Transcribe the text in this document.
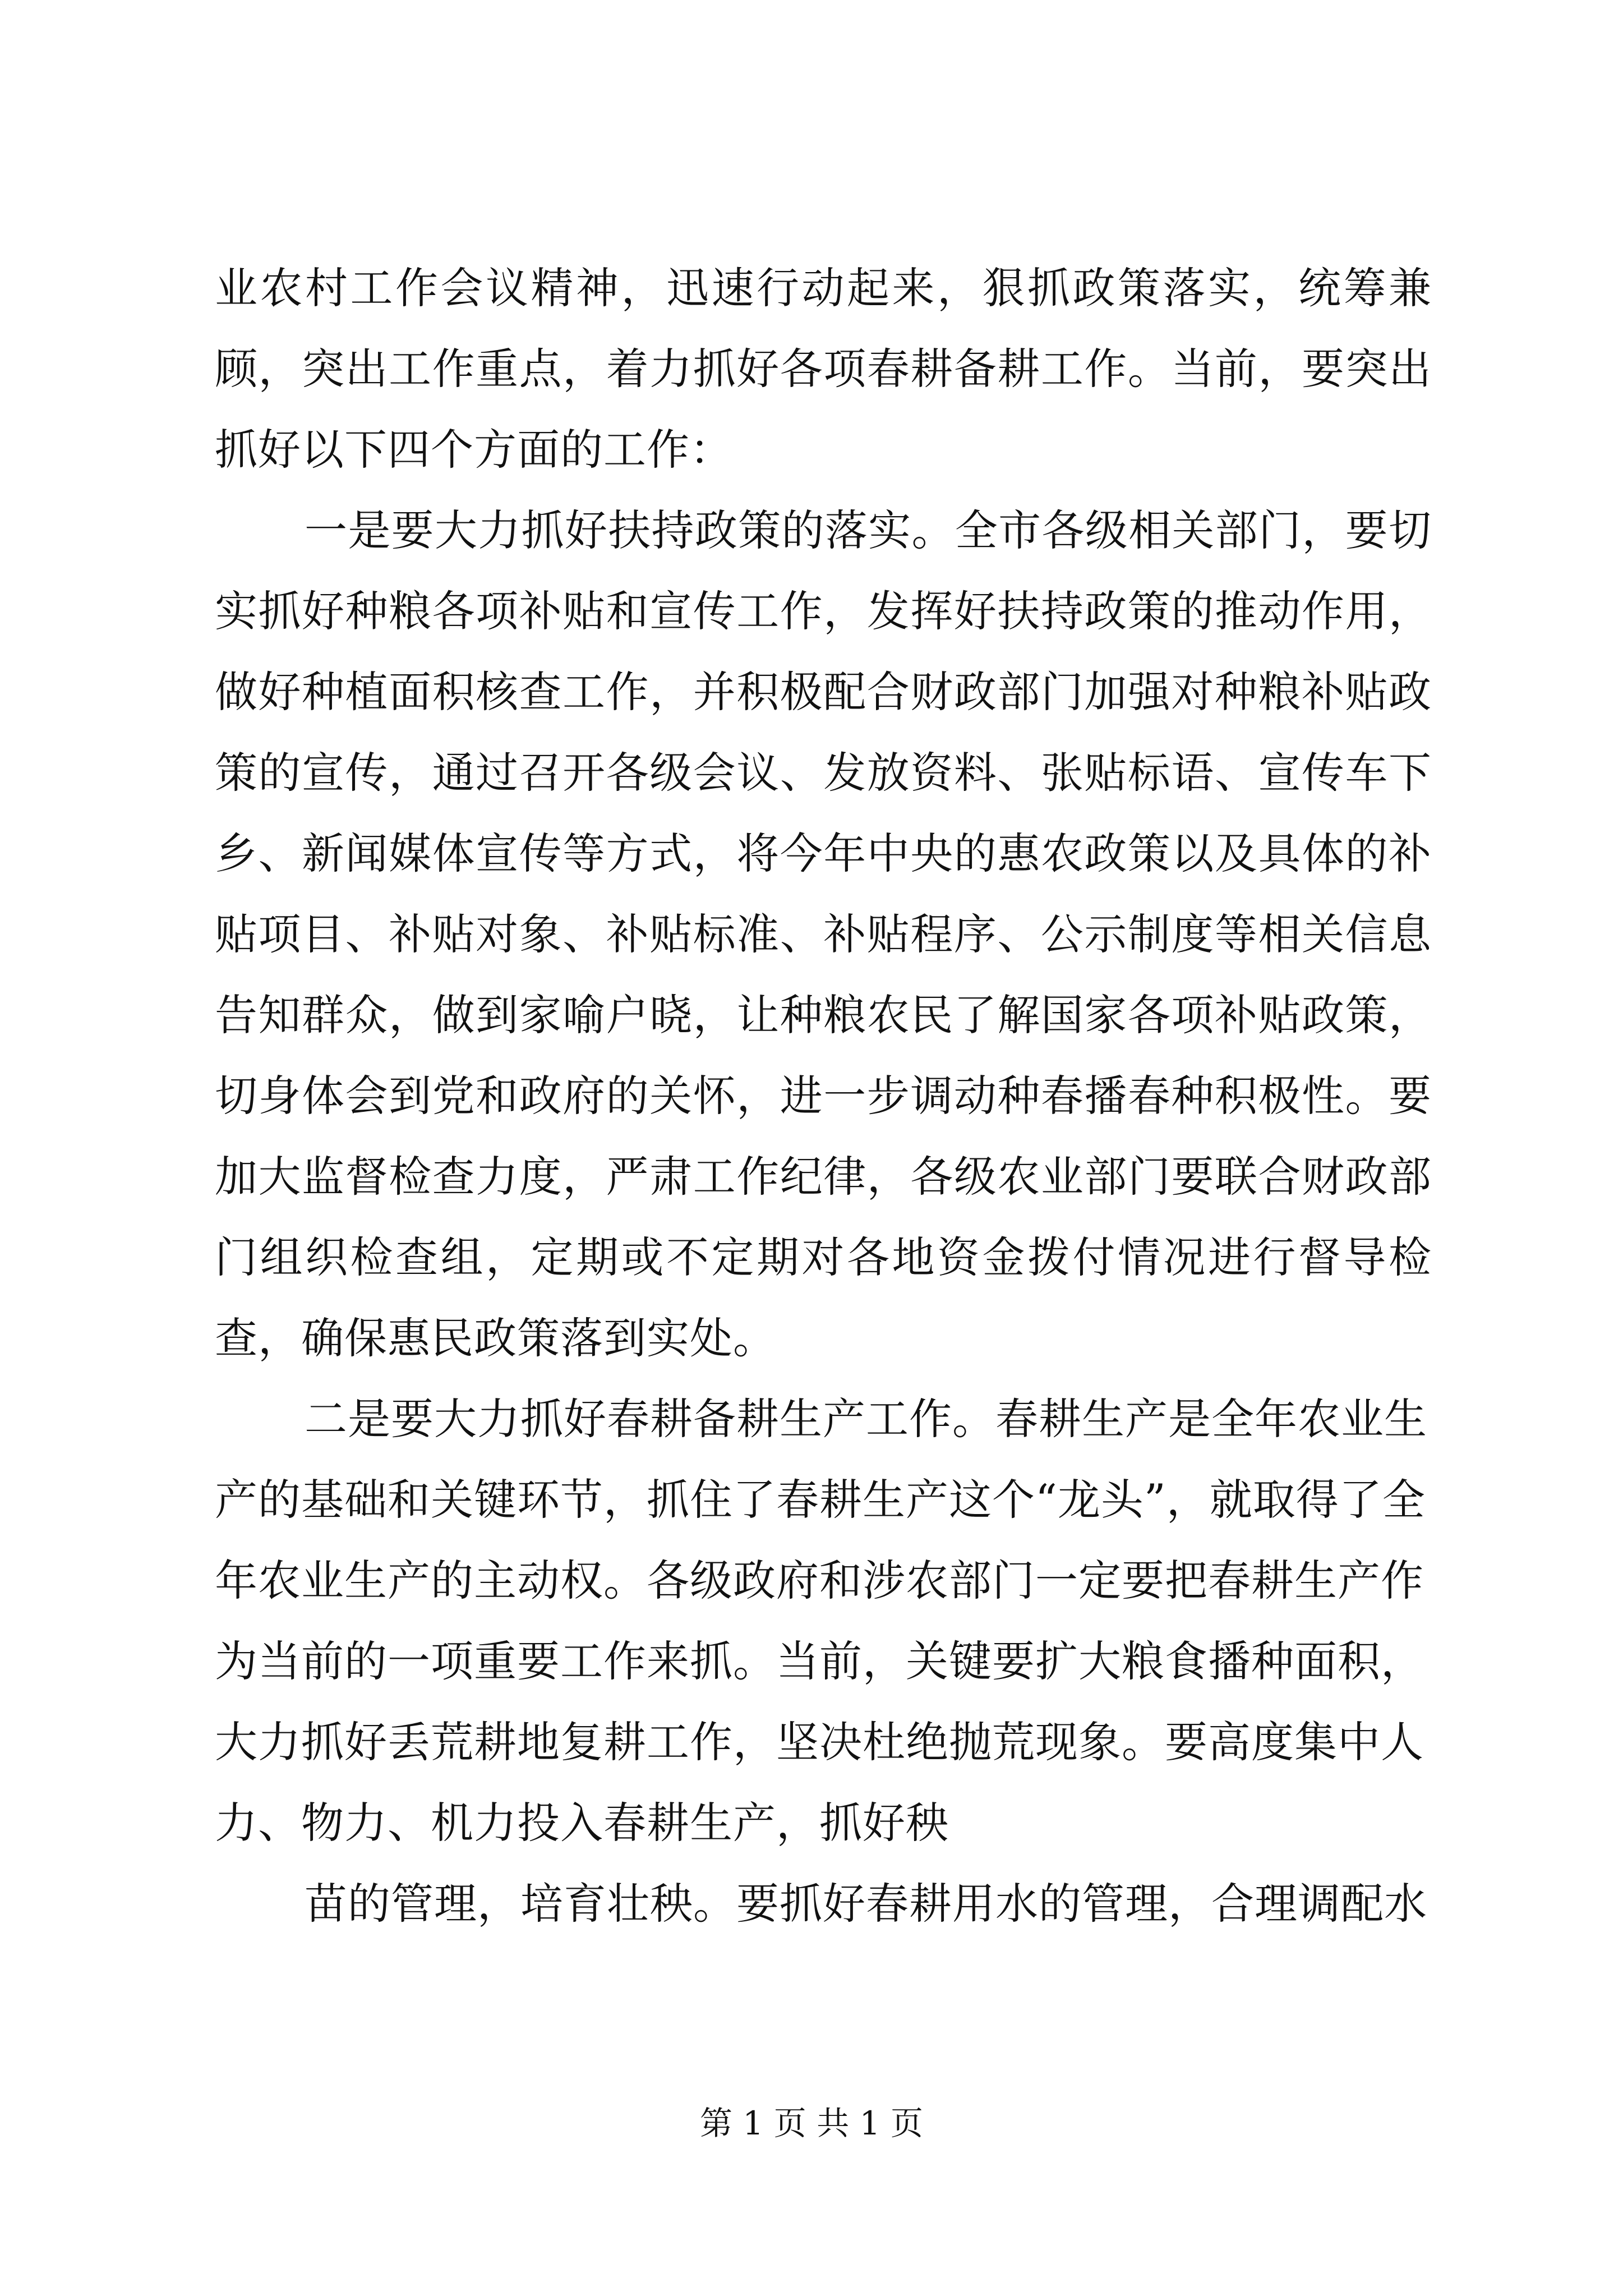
业农村工作会议精神，迅速行动起来，狠抓政策落实，统筹兼顾，突出工作重点，着力抓好各项春耕备耕工作。当前，要突出抓好以下四个方面的工作：

一是要大力抓好扶持政策的落实。全市各级相关部门，要切实抓好种粮各项补贴和宣传工作，发挥好扶持政策的推动作用，做好种植面积核查工作，并积极配合财政部门加强对种粮补贴政策的宣传，通过召开各级会议、发放资料、张贴标语、宣传车下乡、新闻媒体宣传等方式，将今年中央的惠农政策以及具体的补贴项目、补贴对象、补贴标准、补贴程序、公示制度等相关信息告知群众，做到家喻户晓，让种粮农民了解国家各项补贴政策，切身体会到党和政府的关怀，进一步调动种春播春种积极性。要加大监督检查力度，严肃工作纪律，各级农业部门要联合财政部门组织检查组，定期或不定期对各地资金拨付情况进行督导检查，确保惠民政策落到实处。

二是要大力抓好春耕备耕生产工作。春耕生产是全年农业生产的基础和关键环节，抓住了春耕生产这个“龙头”，就取得了全年农业生产的主动权。各级政府和涉农部门一定要把春耕生产作为当前的一项重要工作来抓。当前，关键要扩大粮食播种面积，大力抓好丢荒耕地复耕工作，坚决杜绝抛荒现象。要高度集中人力、物力、机力投入春耕生产，抓好秧

苗的管理，培育壮秧。要抓好春耕用水的管理，合理调配水

第 1 页 共 1 页
